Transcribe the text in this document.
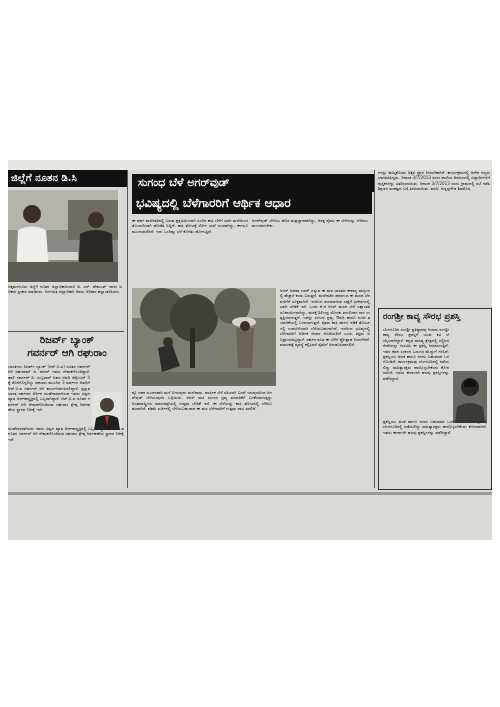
ಜಿಲ್ಲೆಗೆ ನೂತನ ಡಿ.ಸಿ
ಚಿಕ್ಕಮಗಳೂರು ಜಿಲ್ಲೆಗೆ ನೂತನ ಜಿಲ್ಲಾಧಿಕಾರಿಯಾಗಿ ಡಿ. ಎಸ್. ಹೇಮಂತ್ ಇವರು ಅಧಿಕಾರ ಸ್ವೀಕಾರ ಮಾಡಿದರು. ನಿರ್ಗಮಿತ ಜಿಲ್ಲಾಧಿಕಾರಿ ಅವರು ಅಧಿಕಾರ ಹಸ್ತಾಂತರಿಸಿದರು.
ರಿಜರ್ವ್ ಬ್ಯಾಂಕ್
ಗವರ್ನರ್ ಆಗಿ ರಘುರಾಂ
ಭಾರತೀಯ ರಿಜರ್ವ್ ಬ್ಯಾಂಕ್ (ಆರ್.ಬಿ.ಐ) ನೂತನ ಗವರ್ನರ್ ಆಗಿ ರಘುರಾಮ್ ಜಿ. ರಾಜನ್ ಇವರು ನೇಮಕಗೊಂಡಿದ್ದಾರೆ. ಹಾಲಿ ಗವರ್ನರ್ ಡಿ. ಸುಬ್ಬರಾವ್ ಅವರ ಅವಧಿ ಸೆಪ್ಟೆಂಬರ್ 4 ಕ್ಕೆ ಕೊನೆಗೊಳ್ಳಲಿದ್ದು ರಘುರಾಂ ಮುಂದಿನ 3 ವರ್ಷಗಳ ಅವಧಿಗೆ ಆರ್.ಬಿ.ಐ ಗವರ್ನರ್ ಆಗಿ ಕಾರ್ಯನಿರ್ವಹಿಸಲಿದ್ದಾರೆ. ಪ್ರಸ್ತುತ ಭಾರತ ಸರ್ಕಾರದ ಆರ್ಥಿಕ ಸಲಹೆಗಾರರಾಗಿರುವ ಇವರು ವಿಶ್ವದ ಖ್ಯಾತ ಅರ್ಥಶಾಸ್ತ್ರಜ್ಞರಲ್ಲಿ ಒಬ್ಬರಾಗಿದ್ದಾರೆ. ಆರ್.ಬಿ.ಐ ನೂತನ ಗವರ್ನರ್ ಆಗಿ ನೇಮಕಗೊಂಡಿರುವ ರಘುರಾಂ ಶ್ರೇಷ್ಠ ನಿರ್ವಹಣೆಯ ಸ್ಥಾನದ ನಿರೀಕ್ಷೆ ಇದೆ.
ಸಲಹೆಗಾರರಾಗಿರುವ ಇವರು ವಿಶ್ವದ ಖ್ಯಾತ ಅರ್ಥಶಾಸ್ತ್ರಜ್ಞರಲ್ಲಿ ಒಬ್ಬರಾಗಿದ್ದಾರೆ. ಆರ್.ಬಿ.ಐ ನೂತನ ಗವರ್ನರ್ ಆಗಿ ನೇಮಕಗೊಂಡಿರುವ ರಘುರಾಂ ಶ್ರೇಷ್ಠ ನಿರ್ವಹಣೆಯ ಸ್ಥಾನದ ನಿರೀಕ್ಷೆ ಇದೆ.
ಸುಗಂಧ ಬೆಳೆ ಅಗರ್‌ವುಡ್
ಭವಿಷ್ಯದಲ್ಲಿ ಬೆಳೆಗಾರರಿಗೆ ಆರ್ಥಿಕ ಆಧಾರ
ಈ ವರ್ಷ ಮಲೆನಾಡಿನಲ್ಲಿ ಬರುವ ಪ್ರಕೃತಿಯಿಂದಾಗಿ ಎಂದಿನ ಕಾಫಿ ಬೆಳೆಗೆ ಭಾರೀ ಮಳೆಯಿಂದ ತೊಂದರೆಯಾಗಿ ಹೊಡೆತ ಬಿದ್ದಿದೆ. ಕಾಫಿ ತೋಟಕ್ಕೆ ರೋಗ ಬಾಧೆ ಉಂಟಾಗಿದ್ದು, ಈಗಲೂ ಮುಂದುವರೆದಿದೆ. ಇದು ಒಂದಿಷ್ಟು ಬೆಳೆ ಕೊಳೆತು ಹೋಗುತ್ತಿದೆ.
ಕ್ಕೂ ದಶಕ ಸುಂದರವಾಗಿ ಮಳೆ ಬೀಳುವುದು ಮಲೆನಾಡು. ವಾರ್ಷಿಕ ಬೆಳೆ ಸರಿಯಾಗಿ ಬರದೆ ಇರುವುದರಿಂದ ಅಗರ್‌ವುಡ್ ಬೆಳೆಯುವುದು ಒಳ್ಳೆಯದು. ಅಗರ್ ಮರ ಸುಗಂಧ ದ್ರವ್ಯ ತಯಾರಿಕೆಗೆ ಬಳಕೆಯಾಗುತ್ತಿದ್ದು ಅಂತಾರಾಷ್ಟ್ರೀಯ ಮಾರುಕಟ್ಟೆಯಲ್ಲಿ ಉತ್ತಮ ಬೇಡಿಕೆ ಇದೆ. ಈ ಬೆಳೆಯನ್ನು ಕಾಫಿ ತೋಟದಲ್ಲಿ ಬೆಳೆಸಬಹುದಾಗಿದೆ. ಕಡಿಮೆ ಖರ್ಚಿನಲ್ಲಿ ಬೆಳೆಯಬಹುದಾದ ಈ ಮರ ಬೆಳೆಗಾರರಿಗೆ ಉತ್ತಮ ಲಾಭ ತರಲಿದೆ.
ಅಗರ್‌ವುಡ್ ಬೆಳೆಯು ಹೊಸ ತಂತ್ರಜ್ಞಾನವಾಗಿದ್ದು, ಆಸಕ್ತ ರೈತರು ಈ ಬೆಳೆಯನ್ನು ಬೆಳೆಸಲು ಮುಂದಾಗಬೇಕು.
ಅಗರ್ ಅಥವಾ ಊದ್ ಎನ್ನುವ ಈ ಮರ ಭಾರತದ ಈಶಾನ್ಯ ರಾಜ್ಯಗಳಲ್ಲಿ ಹೆಚ್ಚಾಗಿ ಕಂಡು ಬರುತ್ತದೆ. ಮಲೆನಾಡಿನ ಹವಾಗುಣ ಈ ಮರದ ಬೆಳವಣಿಗೆಗೆ ಸೂಕ್ತವಾಗಿದೆ. ಇದರಿಂದ ತಯಾರಾಗುವ ಎಣ್ಣೆಗೆ ವಿದೇಶಗಳಲ್ಲಿ ಭಾರೀ ಬೇಡಿಕೆ ಇದೆ. ಒಂದು ಕೆ.ಜಿ ಅಗರ್ ಮರದ ಬೆಲೆ ಲಕ್ಷಾಂತರ ರೂಪಾಯಿಗಳಾಗಿದ್ದು, ಮರಕ್ಕೆ ಶಿಲೀಂಧ್ರ ಸೋಂಕು ತಗುಲಿದಾಗ ರಾಳ ಉತ್ಪತ್ತಿಯಾಗುತ್ತದೆ. ಇದನ್ನು ಸುಗಂಧ ದ್ರವ್ಯ, ಔಷಧಿ ಹಾಗೂ ಧೂಪ ತಯಾರಿಕೆಯಲ್ಲಿ ಬಳಸಲಾಗುತ್ತದೆ. ರೈತರು ಕಾಫಿ ಹಾಗೂ ಅಡಿಕೆ ತೋಟಗಳಲ್ಲಿ ಉಪಬೆಳೆಯಾಗಿ ಬೆಳೆಯಬಹುದಾಗಿದೆ. ಇದರಿಂದ ಭವಿಷ್ಯದಲ್ಲಿ ಬೆಳೆಗಾರರಿಗೆ ಆರ್ಥಿಕ ಆಧಾರ ದೊರೆಯಲಿದೆ ಎಂದು ತಜ್ಞರು ಅಭಿಪ್ರಾಯಪಟ್ಟಿದ್ದಾರೆ. ಸರ್ಕಾರ ಕೂಡ ಈ ಬೆಳೆಗೆ ಪ್ರೋತ್ಸಾಹ ನೀಡಬೇಕಿದೆ. ಮಾರುಕಟ್ಟೆ ವ್ಯವಸ್ಥೆ ಕಲ್ಪಿಸಿದರೆ ರೈತರಿಗೆ ಅನುಕೂಲವಾಗಲಿದೆ.
ಗಳನ್ನು ಹಮ್ಮಿಕೊಂಡು ಅಕ್ಷರ ಜ್ಞಾನ ನೀಡಬೇಕಾಗಿದೆ. ಕಾರ್ಯಕ್ರಮದಲ್ಲಿ ಅನೇಕ ಗಣ್ಯರು ಭಾಗವಹಿಸಿದ್ದರು. ದಿನಾಂಕ 3/7/2013 ರಂದು ಶಾಲೆಯ ಆವರಣದಲ್ಲಿ ವಿದ್ಯಾರ್ಥಿಗಳಿಗೆ ಪುಸ್ತಕಗಳನ್ನು ವಿತರಿಸಲಾಯಿತು. ದಿನಾಂಕ 3/7/2013 ರಂದು ಗ್ರಾಮದಲ್ಲಿ ಸಭೆ ನಡೆಸಿ ಶಿಕ್ಷಣದ ಮಹತ್ವದ ಬಗ್ಗೆ ತಿಳಿಸಲಾಯಿತು. ವರದಿ: ಅಣ್ಣಪ್ಪಗೌಡ ಶಿವಮೊಗ್ಗ
ರಂಗಶ್ರೀ ಕಾವ್ಯ ಸೌರಭ ಪ್ರಶಸ್ತಿ
ಬೆಂಗಳೂರಿನ ರಂಗಶ್ರೀ ಪ್ರತಿಷ್ಠಾನವು ನೀಡುವ ರಂಗಶ್ರೀ ಕಾವ್ಯ ಸೌರಭ ಪ್ರಶಸ್ತಿಗೆ ಯುವ ಕವಿ ಆಯ್ಕೆಯಾಗಿದ್ದಾರೆ. ಕನ್ನಡ ಸಾಹಿತ್ಯ ಕ್ಷೇತ್ರದಲ್ಲಿ ಸಲ್ಲಿಸಿದ ಸೇವೆಯನ್ನು ಗುರುತಿಸಿ ಈ ಪ್ರಶಸ್ತಿ ನೀಡಲಾಗುತ್ತಿದೆ. ಇವರ ಕವನ ಸಂಕಲನ ಓದುಗರ ಮೆಚ್ಚುಗೆ ಗಳಿಸಿದೆ. ಪ್ರಶಸ್ತಿಯು ಫಲಕ ಹಾಗೂ ನಗದು ಬಹುಮಾನ ಒಳಗೊಂಡಿದೆ. ಕಾರ್ಯಕ್ರಮವು ಬೆಂಗಳೂರಿನಲ್ಲಿ ನಡೆಯಲಿದ್ದು ಸಾಹಿತ್ಯಾಸಕ್ತರು ಪಾಲ್ಗೊಳ್ಳಬೇಕೆಂದು ಕೋರಲಾಗಿದೆ. ಇವರು ಈಗಾಗಲೇ ಹಲವು ಪ್ರಶಸ್ತಿಗಳನ್ನು ಪಡೆದಿದ್ದಾರೆ.
ಪ್ರಶಸ್ತಿಯು ಫಲಕ ಹಾಗೂ ನಗದು ಬಹುಮಾನ ಒಳಗೊಂಡಿದೆ. ಕಾರ್ಯಕ್ರಮವು ಬೆಂಗಳೂರಿನಲ್ಲಿ ನಡೆಯಲಿದ್ದು ಸಾಹಿತ್ಯಾಸಕ್ತರು ಪಾಲ್ಗೊಳ್ಳಬೇಕೆಂದು ಕೋರಲಾಗಿದೆ. ಇವರು ಈಗಾಗಲೇ ಹಲವು ಪ್ರಶಸ್ತಿಗಳನ್ನು ಪಡೆದಿದ್ದಾರೆ.
